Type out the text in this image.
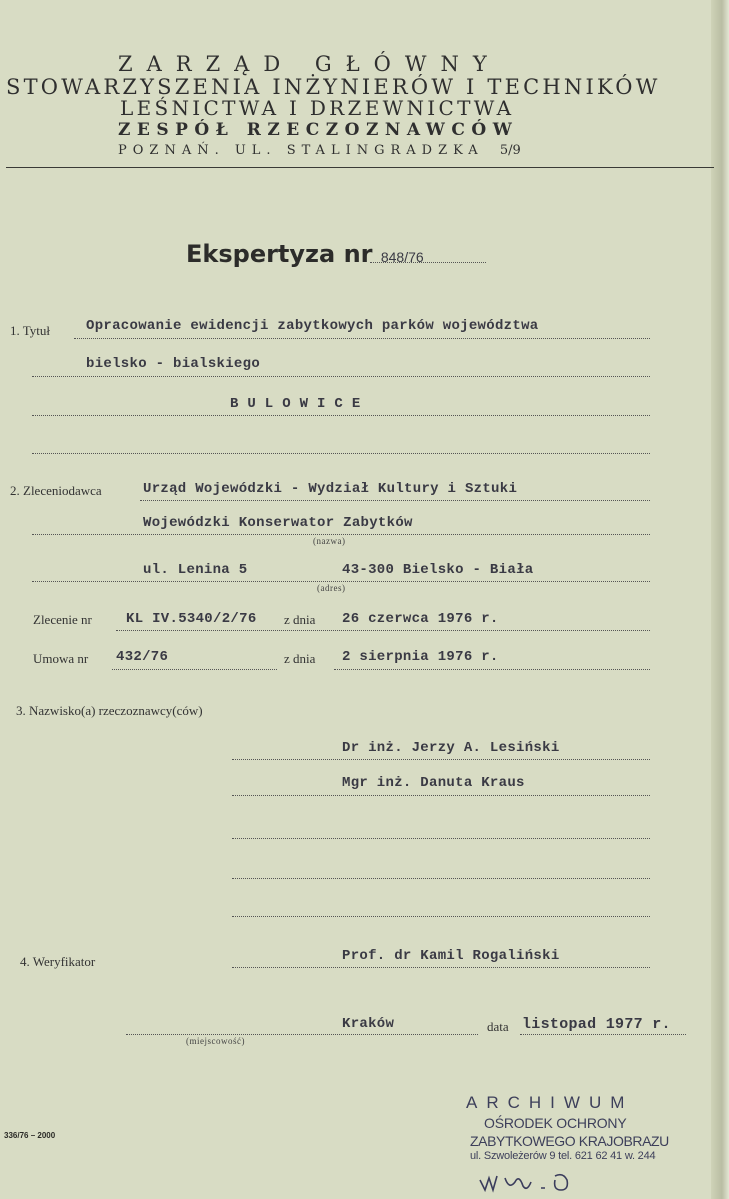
ZARZĄD GŁÓWNY
STOWARZYSZENIA INŻYNIERÓW I TECHNIKÓW
LEŚNICTWA I DRZEWNICTWA
ZESPÓŁ RZECZOZNAWCÓW
POZNAŃ. UL. STALINGRADZKA 5/9
Ekspertyza nr 848/76
1. Tytuł	Opracowanie ewidencji zabytkowych parków województwa
bielsko - bialskiego
B U L O W I C E
2. Zleceniodawca	Urząd Wojewódzki - Wydział Kultury i Sztuki
Wojewódzki Konserwator Zabytków
(nazwa)
ul. Lenina 5	43-300 Bielsko - Biała
(adres)
Zlecenie nr KL IV.5340/2/76 z dnia 26 czerwca 1976 r.
Umowa nr 432/76	z dnia 2 sierpnia 1976 r.
3. Nazwisko(a) rzeczoznawcy(ców)
Dr inż. Jerzy A. Lesiński
Mgr inż. Danuta Kraus
4. Weryfikator	Prof. dr Kamil Rogaliński
Kraków
(miejscowość)
data listopad 1977 r.
336/76 – 2000
ARCHIWUM
OŚRODEK OCHRONY
ZABYTKOWEGO KRAJOBRAZU
ul. Szwoleżerów 9 tel. 621 62 41 w. 244
